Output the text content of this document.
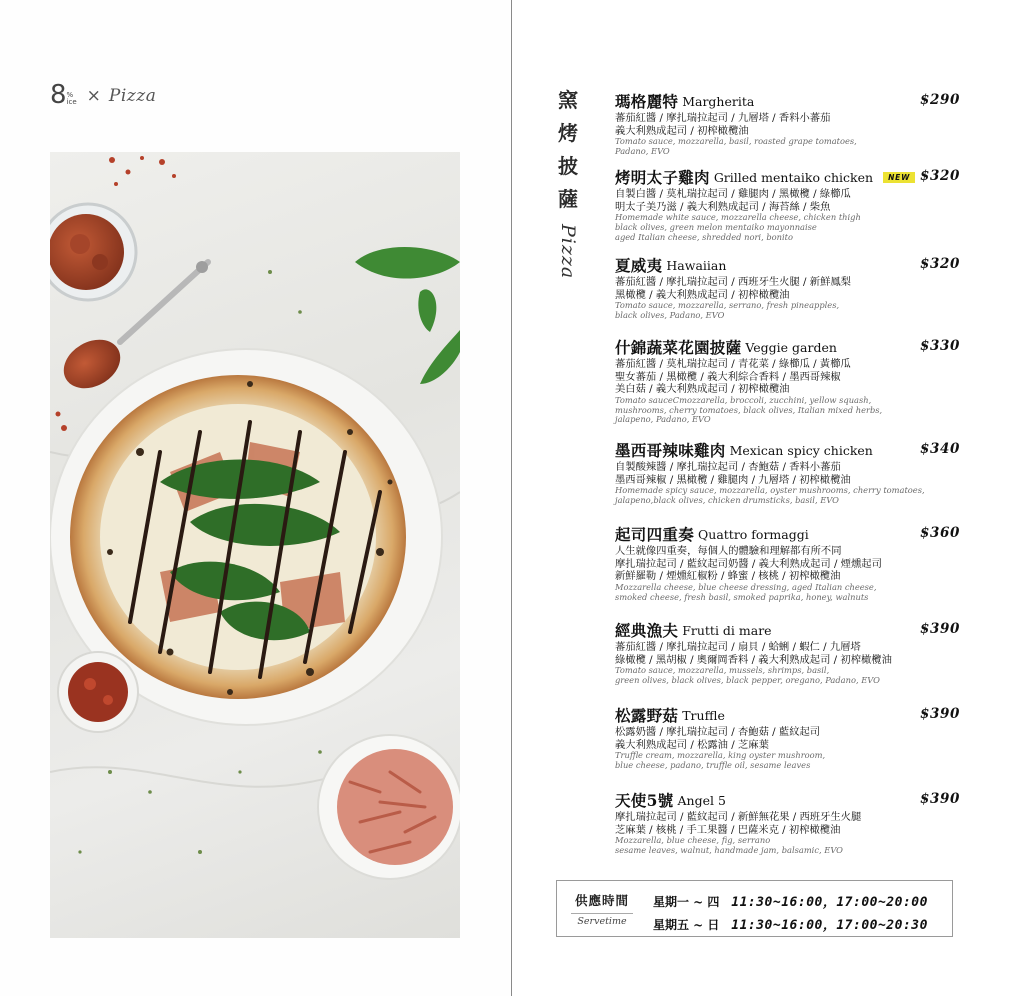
8 %
ice × Pizza	窯
烤
披
薩
Pizza
瑪格麗特 Margherita	$290
蕃茄紅醬 / 摩扎瑞拉起司 / 九層塔 / 香料小蕃茄
義大利熟成起司 / 初榨橄欖油
Tomato sauce, mozzarella, basil, roasted grape tomatoes,
Padano, EVO
烤明太子雞肉 Grilled mentaiko chicken	NEW $320
自製白醬 / 莫札瑞拉起司 / 雞腿肉 / 黑橄欖 / 綠櫛瓜
明太子美乃滋 / 義大利熟成起司 / 海苔絲 / 柴魚
Homemade white sauce, mozzarella cheese, chicken thigh
black olives, green melon mentaiko mayonnaise
aged Italian cheese, shredded nori, bonito
夏威夷 Hawaiian	$320
蕃茄紅醬 / 摩扎瑞拉起司 / 西班牙生火腿 / 新鮮鳳梨
黑橄欖 / 義大利熟成起司 / 初榨橄欖油
Tomato sauce, mozzarella, serrano, fresh pineapples,
black olives, Padano, EVO
什錦蔬菜花園披薩 Veggie garden	$330
蕃茄紅醬 / 莫札瑞拉起司 / 青花菜 / 綠櫛瓜 / 黃櫛瓜
聖女蕃茄 / 黑橄欖 / 義大利綜合香料 / 墨西哥辣椒
美白菇 / 義大利熟成起司 / 初榨橄欖油
Tomato sauceCmozzarella, broccoli, zucchini, yellow squash,
mushrooms, cherry tomatoes, black olives, Italian mixed herbs,
jalapeno, Padano, EVO
墨西哥辣味雞肉 Mexican spicy chicken	$340
自製酸辣醬 / 摩扎瑞拉起司 / 杏鮑菇 / 香料小蕃茄
墨西哥辣椒 / 黑橄欖 / 雞腿肉 / 九層塔 / 初榨橄欖油
Homemade spicy sauce, mozzarella, oyster mushrooms, cherry tomatoes,
jalapeno,black olives, chicken drumsticks, basil, EVO
起司四重奏 Quattro formaggi	$360
人生就像四重奏，每個人的體驗和理解都有所不同
摩扎瑞拉起司 / 藍紋起司奶醬 / 義大利熟成起司 / 煙燻起司
新鮮羅勒 / 煙燻紅椒粉 / 蜂蜜 / 核桃 / 初榨橄欖油
Mozzarella cheese, blue cheese dressing, aged Italian cheese,
smoked cheese, fresh basil, smoked paprika, honey, walnuts
經典漁夫 Frutti di mare	$390
蕃茄紅醬 / 摩扎瑞拉起司 / 扇貝 / 蛤蜊 / 蝦仁 / 九層塔
綠橄欖 / 黑胡椒 / 奧爾岡香料 / 義大利熟成起司 / 初榨橄欖油
Tomato sauce, mozzarella, mussels, shrimps, basil,
green olives, black olives, black pepper, oregano, Padano, EVO
松露野菇 Truffle	$390
松露奶醬 / 摩扎瑞拉起司 / 杏鮑菇 / 藍紋起司
義大利熟成起司 / 松露油 / 芝麻葉
Truffle cream, mozzarella, king oyster mushroom,
blue cheese, padano, truffle oil, sesame leaves
天使5號 Angel 5	$390
摩扎瑞拉起司 / 藍紋起司 / 新鮮無花果 / 西班牙生火腿
芝麻葉 / 核桃 / 手工果醬 / 巴薩米克 / 初榨橄欖油
Mozzarella, blue cheese, fig, serrano
sesame leaves, walnut, handmade jam, balsamic, EVO
供應時間
Servetime
星期一 ~ 四 11:30~16:00，17:00~20:00
星期五 ~ 日 11:30~16:00，17:00~20:30
